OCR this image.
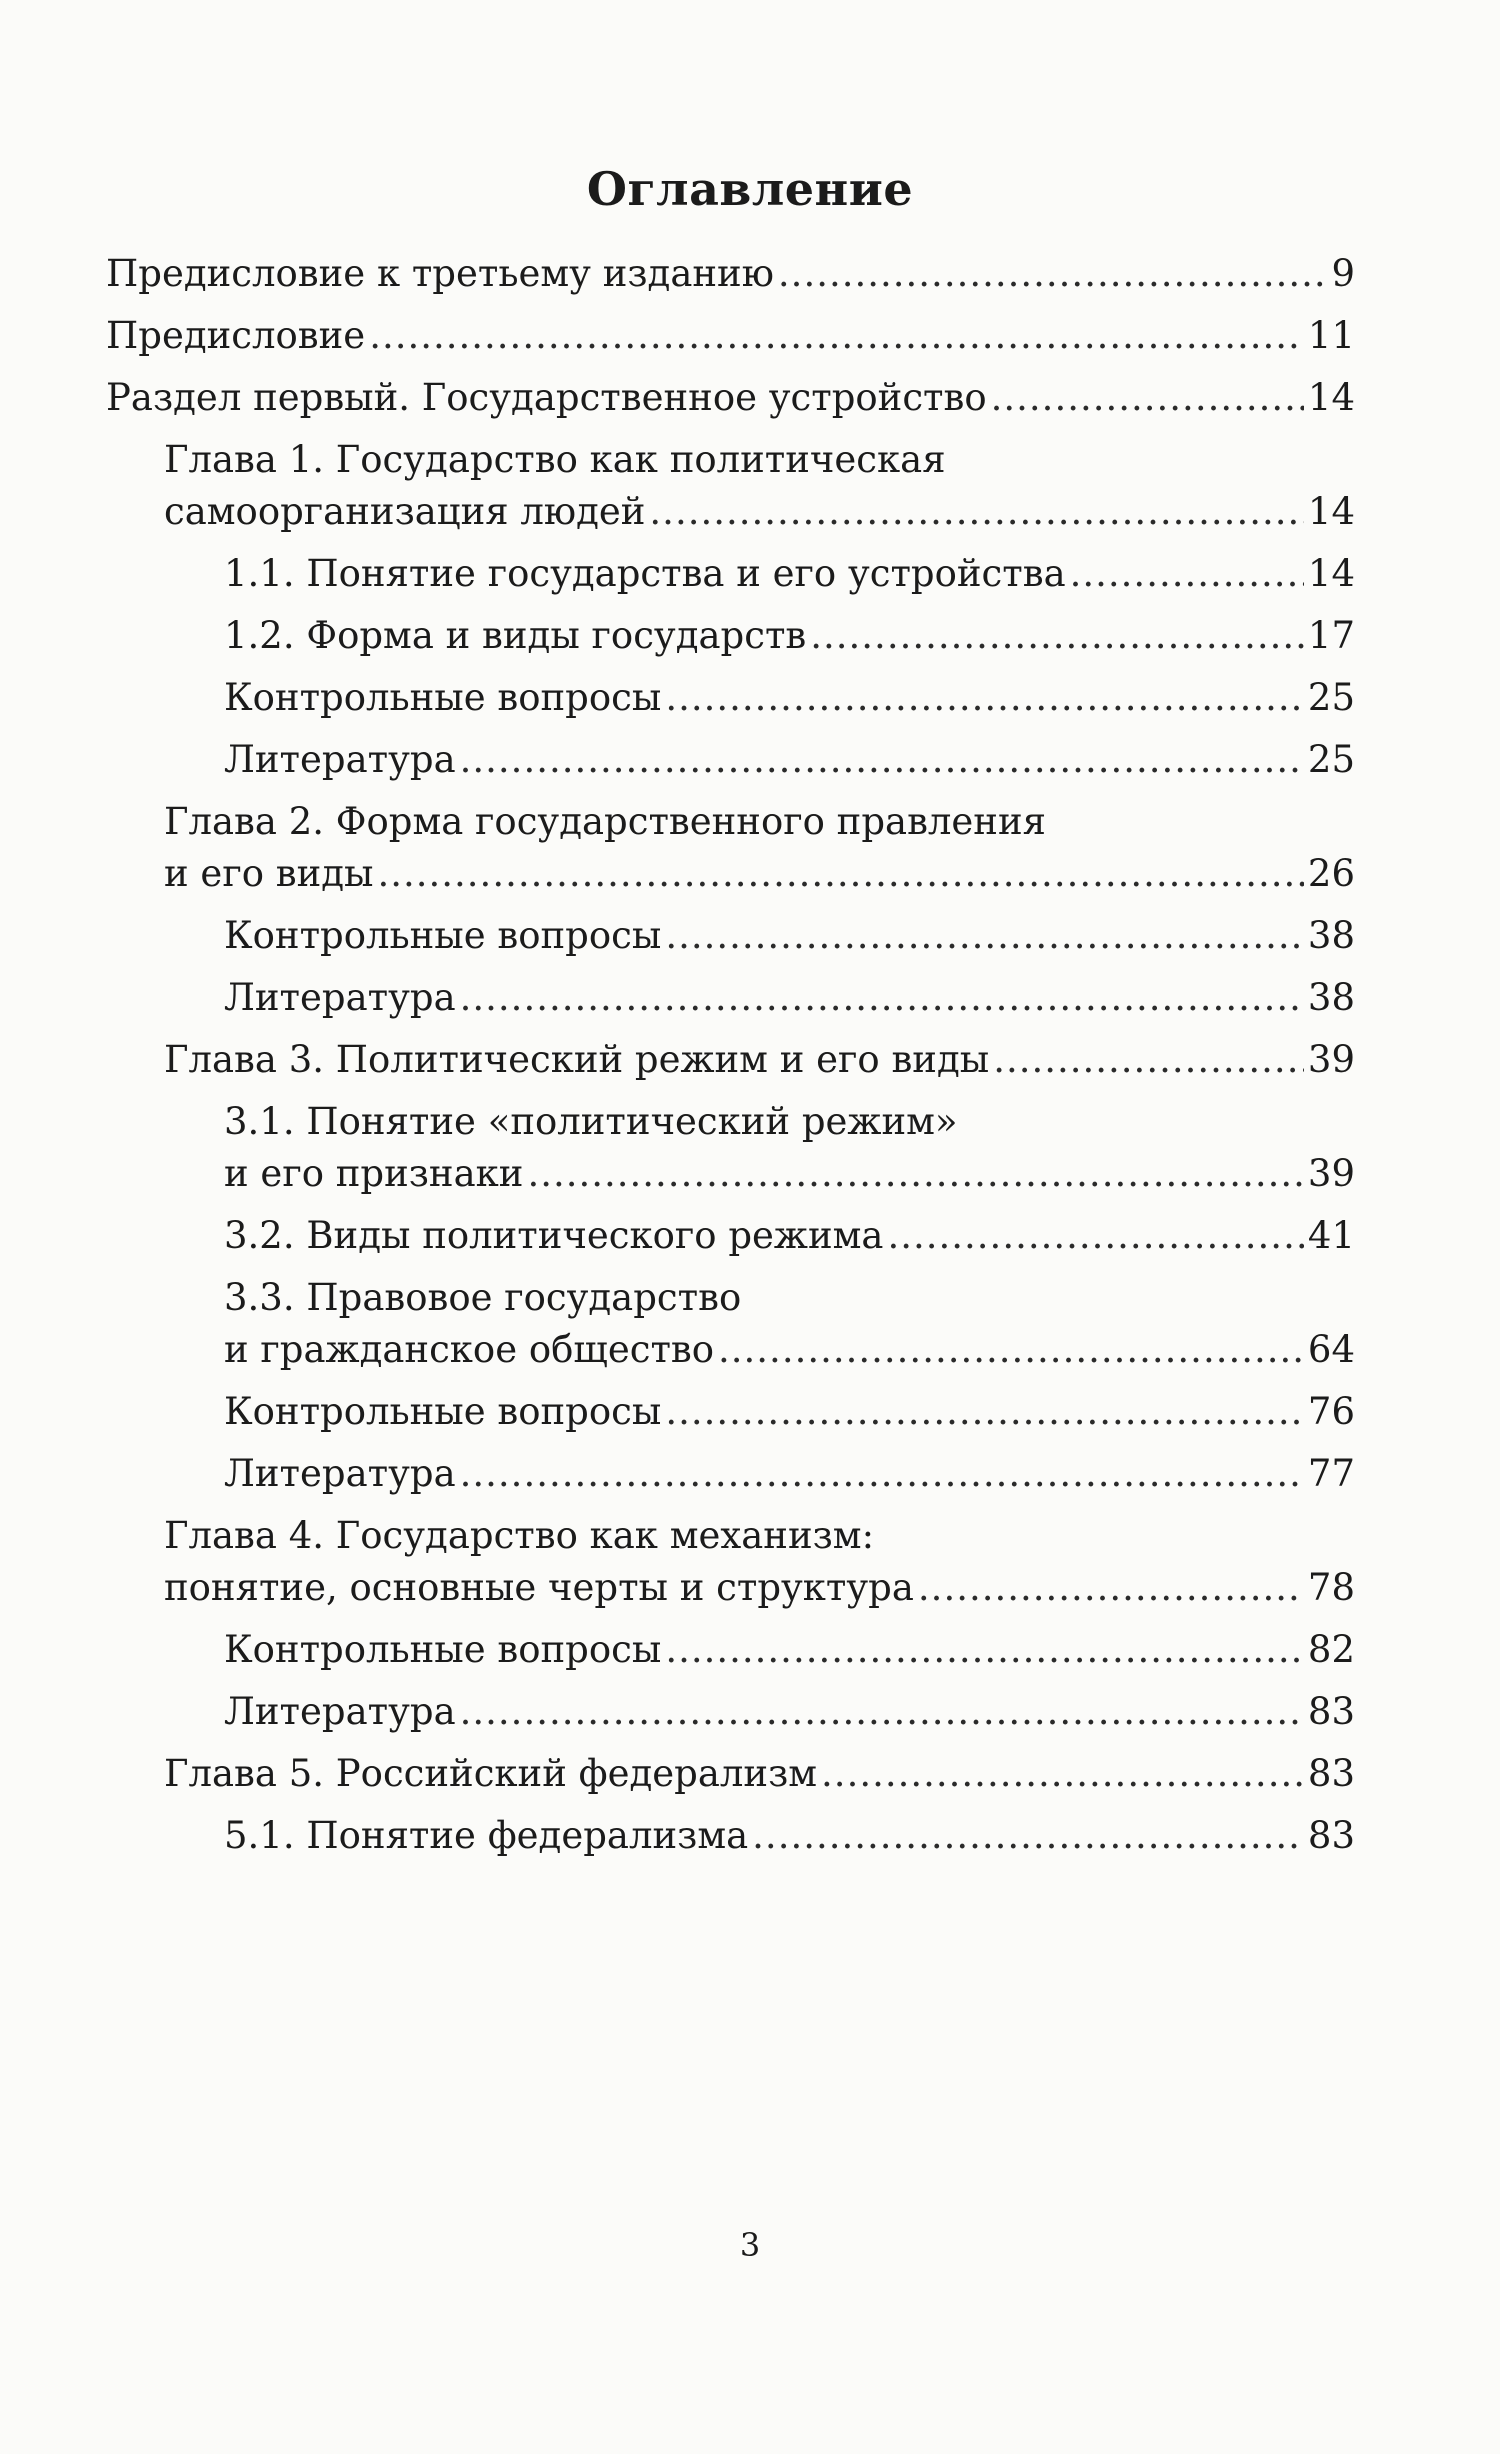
Оглавление
Предисловие к третьему изданию .....	9
Предисловие .....	11
Раздел первый. Государственное устройство .....	14
Глава 1. Государство как политическая
самоорганизация людей .....	14
1.1. Понятие государства и его устройства .....	14
1.2. Форма и виды государств .....	17
Контрольные вопросы .....	25
Литература .....	25
Глава 2. Форма государственного правления
и его виды .....	26
Контрольные вопросы .....	38
Литература .....	38
Глава 3. Политический режим и его виды .....	39
3.1. Понятие «политический режим»
и его признаки .....	39
3.2. Виды политического режима .....	41
3.3. Правовое государство
и гражданское общество .....	64
Контрольные вопросы .....	76
Литература .....	77
Глава 4. Государство как механизм:
понятие, основные черты и структура .....	78
Контрольные вопросы .....	82
Литература .....	83
Глава 5. Российский федерализм .....	83
5.1. Понятие федерализма .....	83
3
